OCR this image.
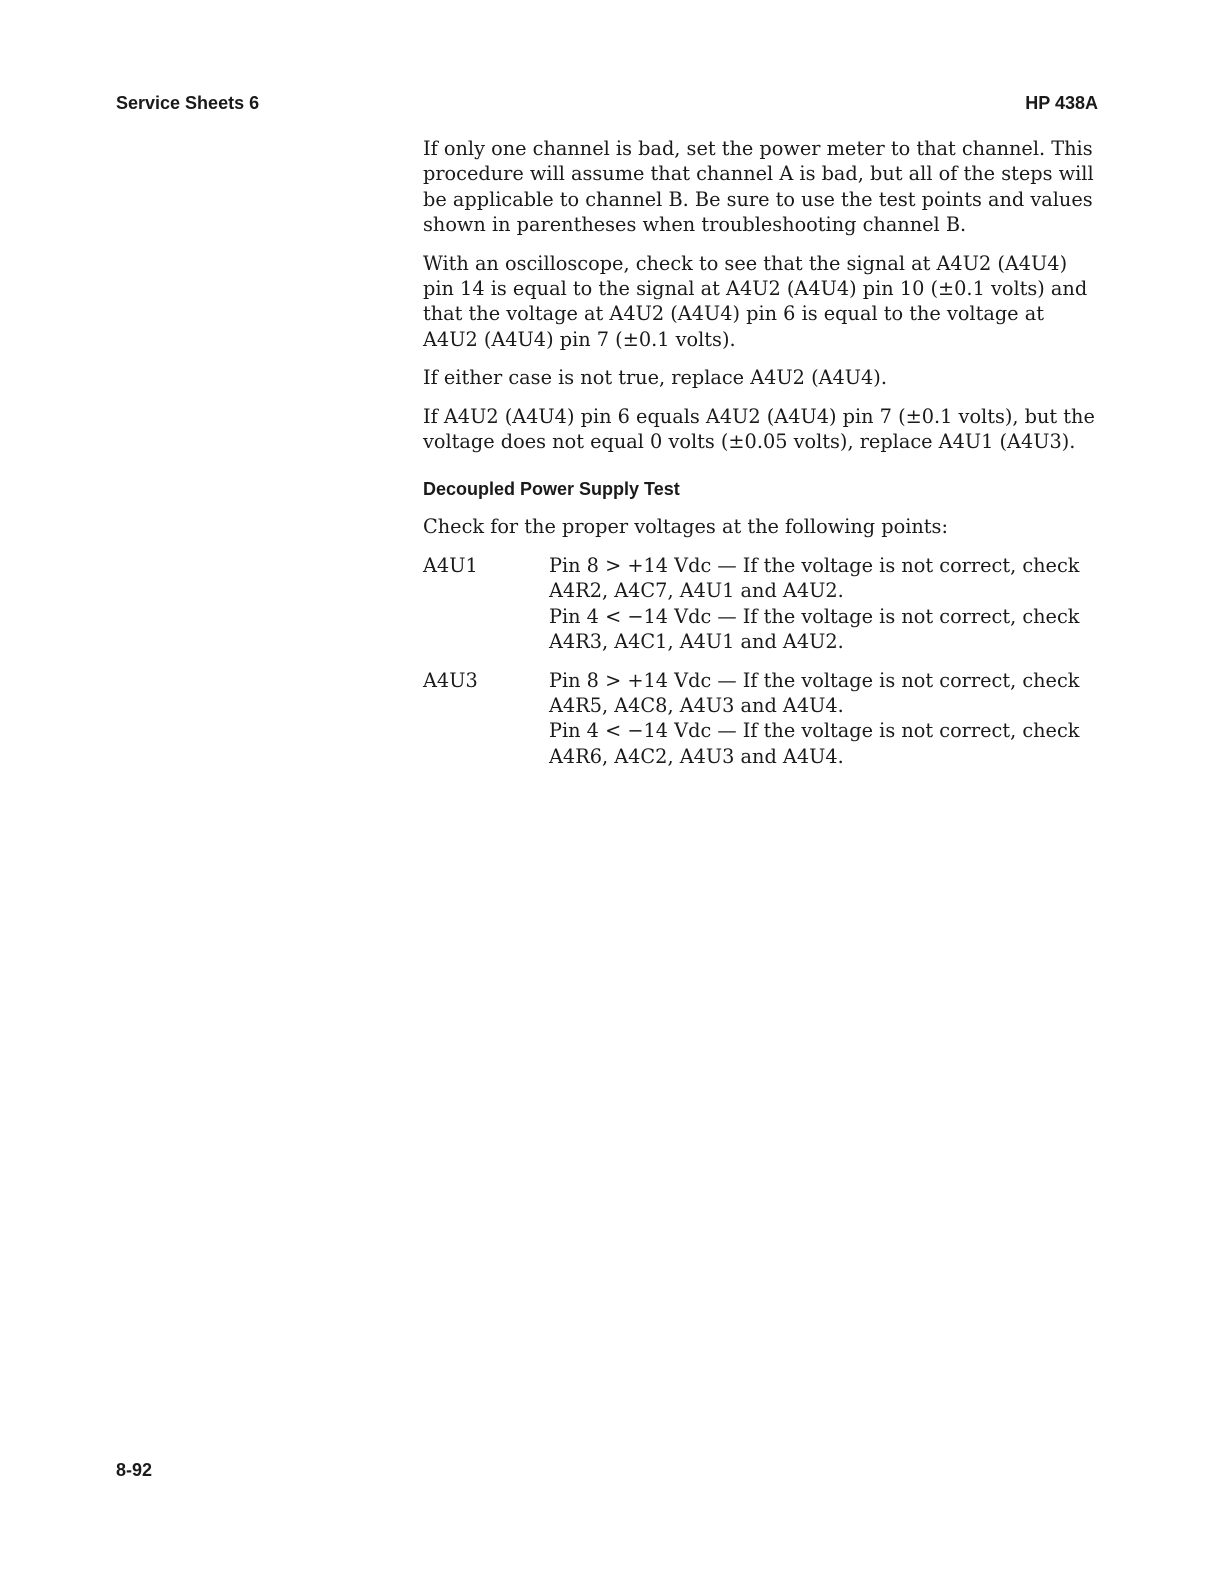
Service Sheets 6	HP 438A

If only one channel is bad, set the power meter to that channel. This procedure will assume that channel A is bad, but all of the steps will be applicable to channel B. Be sure to use the test points and values shown in parentheses when troubleshooting channel B.

With an oscilloscope, check to see that the signal at A4U2 (A4U4) pin 14 is equal to the signal at A4U2 (A4U4) pin 10 (±0.1 volts) and that the voltage at A4U2 (A4U4) pin 6 is equal to the voltage at A4U2 (A4U4) pin 7 (±0.1 volts).

If either case is not true, replace A4U2 (A4U4).

If A4U2 (A4U4) pin 6 equals A4U2 (A4U4) pin 7 (±0.1 volts), but the voltage does not equal 0 volts (±0.05 volts), replace A4U1 (A4U3).

Decoupled Power Supply Test

Check for the proper voltages at the following points:

A4U1	Pin 8 > +14 Vdc — If the voltage is not correct, check A4R2, A4C7, A4U1 and A4U2.
Pin 4 < −14 Vdc — If the voltage is not correct, check A4R3, A4C1, A4U1 and A4U2.
A4U3	Pin 8 > +14 Vdc — If the voltage is not correct, check A4R5, A4C8, A4U3 and A4U4.
Pin 4 < −14 Vdc — If the voltage is not correct, check A4R6, A4C2, A4U3 and A4U4.
8-92
